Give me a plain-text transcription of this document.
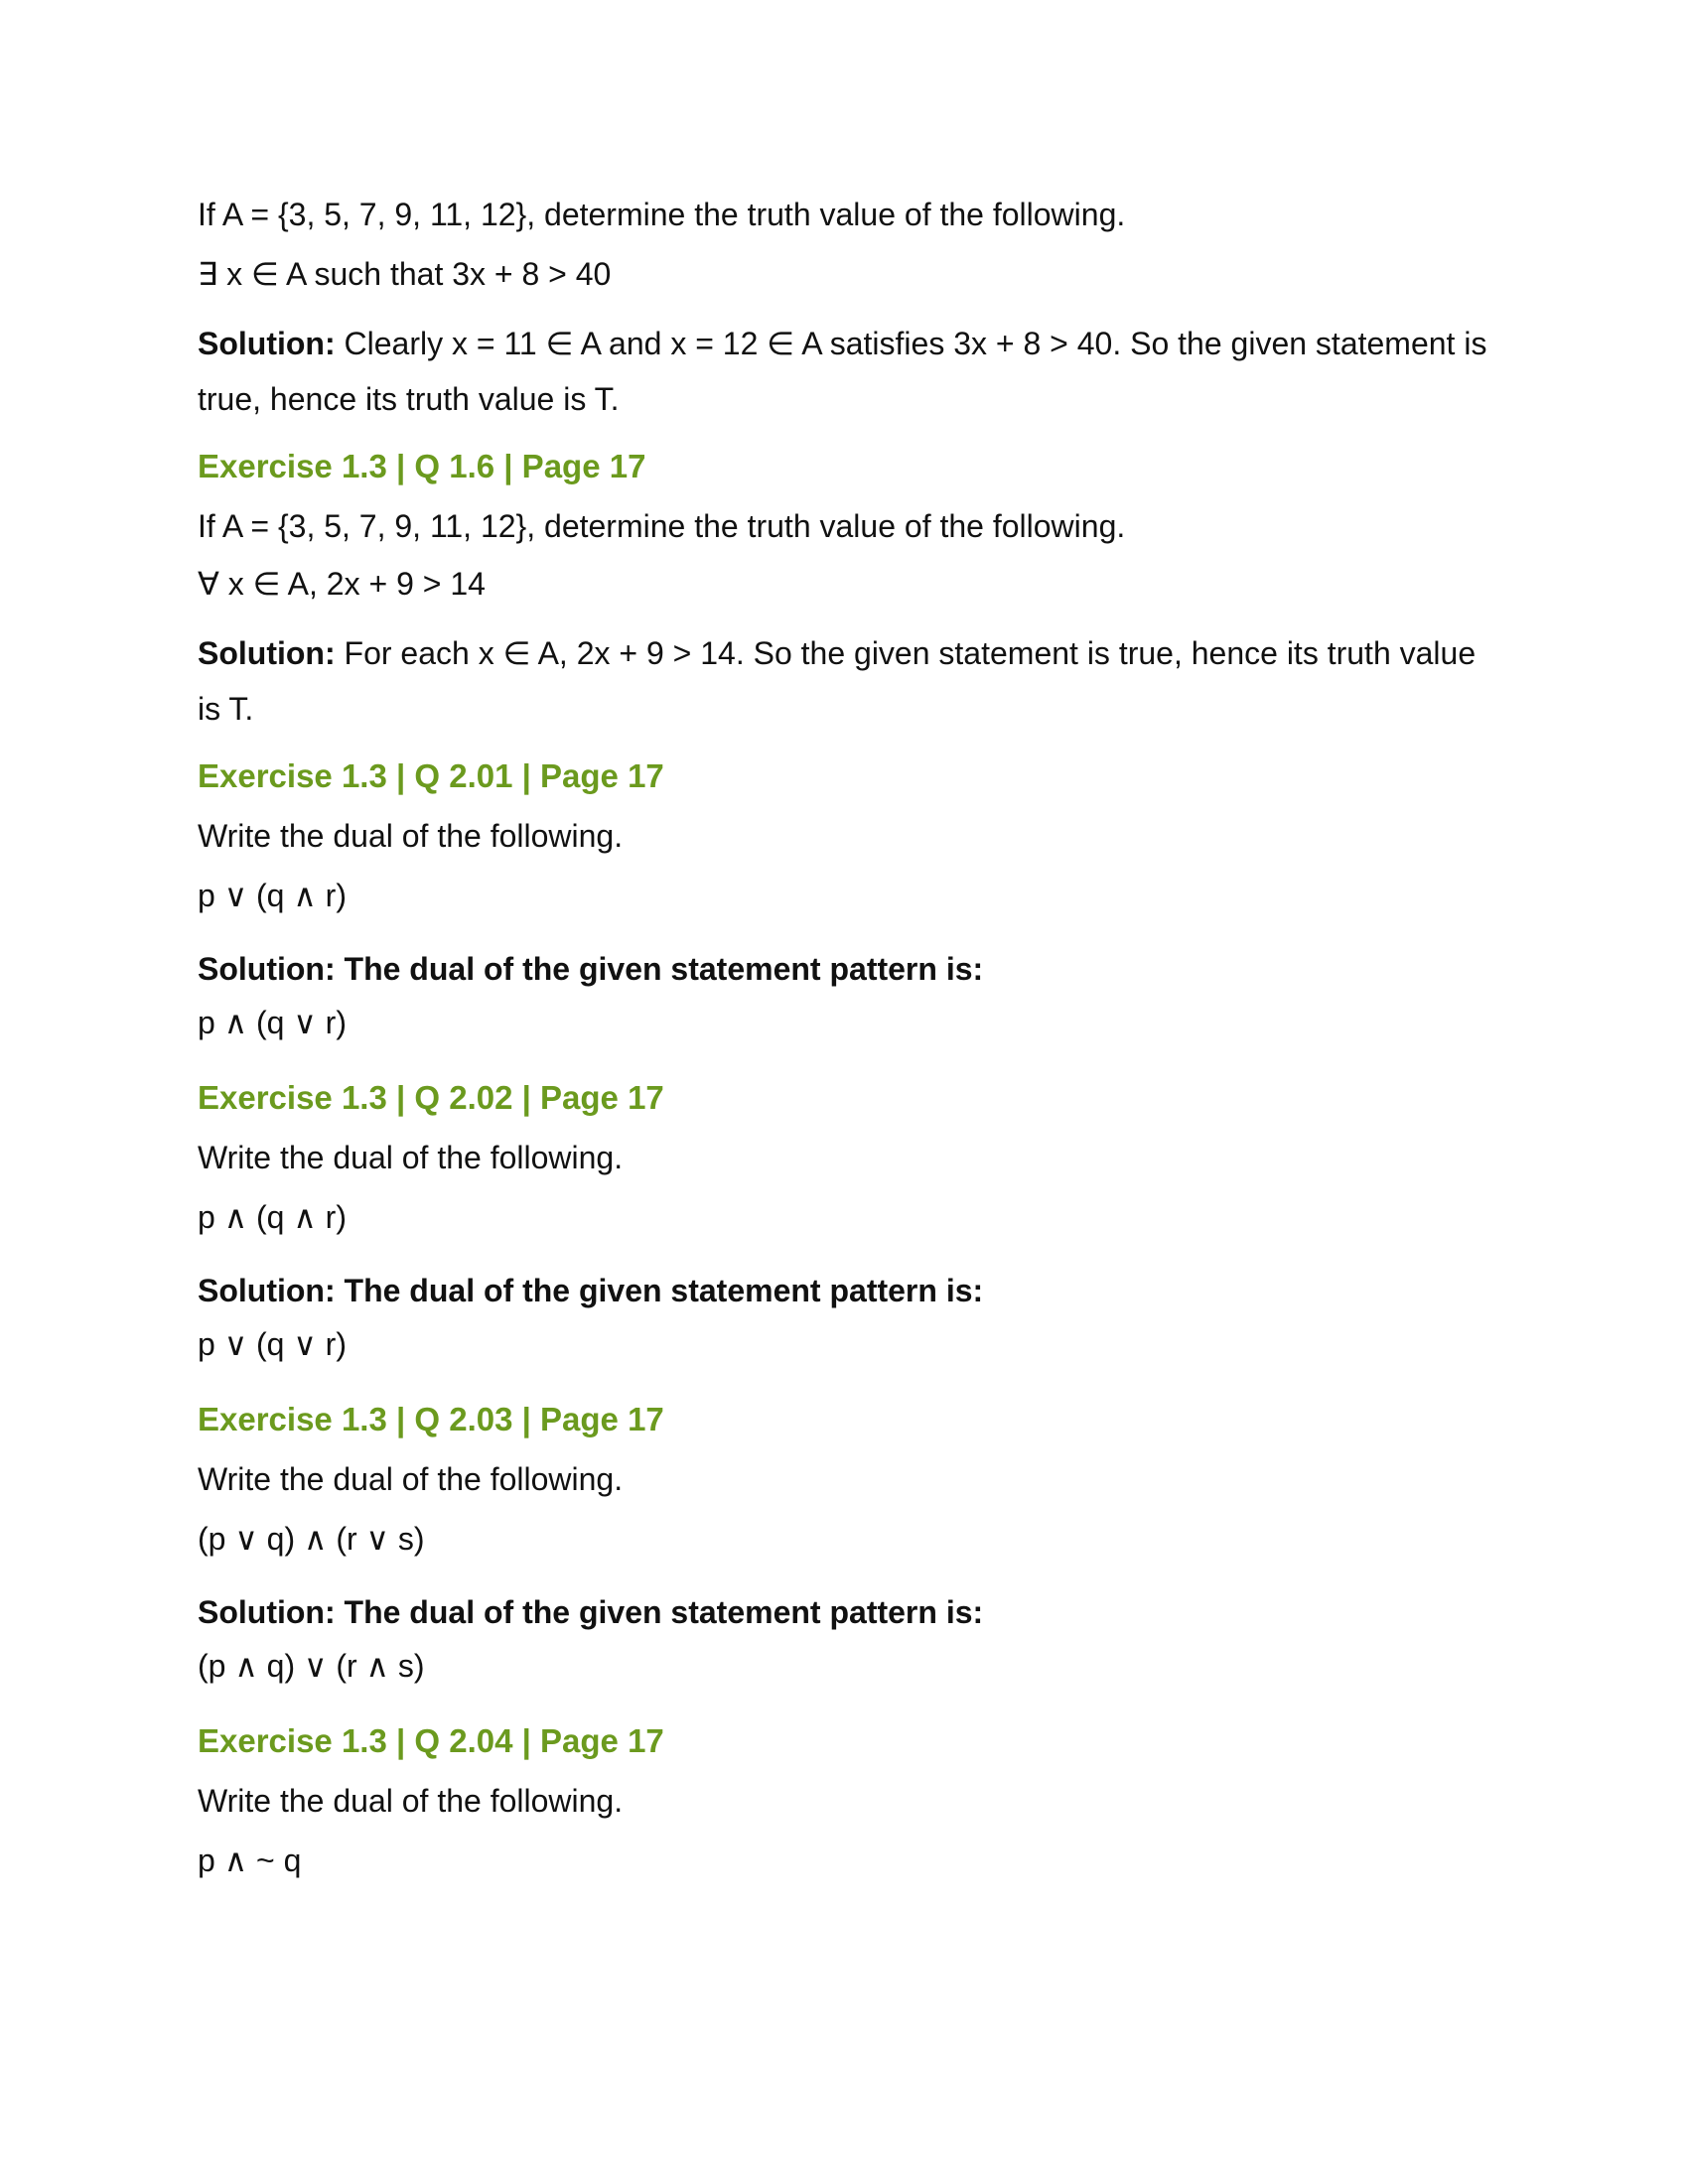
If A = {3, 5, 7, 9, 11, 12}, determine the truth value of the following.

∃ x ∈ A such that 3x + 8 > 40

Solution: Clearly x = 11 ∈ A and x = 12 ∈ A satisfies 3x + 8 > 40. So the given statement is true, hence its truth value is T.

Exercise 1.3 | Q 1.6 | Page 17

If A = {3, 5, 7, 9, 11, 12}, determine the truth value of the following.

∀ x ∈ A, 2x + 9 > 14

Solution: For each x ∈ A, 2x + 9 > 14. So the given statement is true, hence its truth value is T.

Exercise 1.3 | Q 2.01 | Page 17

Write the dual of the following.

p ∨ (q ∧ r)

Solution: The dual of the given statement pattern is:

p ∧ (q ∨ r)

Exercise 1.3 | Q 2.02 | Page 17

Write the dual of the following.

p ∧ (q ∧ r)

Solution: The dual of the given statement pattern is:

p ∨ (q ∨ r)

Exercise 1.3 | Q 2.03 | Page 17

Write the dual of the following.

(p ∨ q) ∧ (r ∨ s)

Solution: The dual of the given statement pattern is:

(p ∧ q) ∨ (r ∧ s)

Exercise 1.3 | Q 2.04 | Page 17

Write the dual of the following.

p ∧ ~ q
